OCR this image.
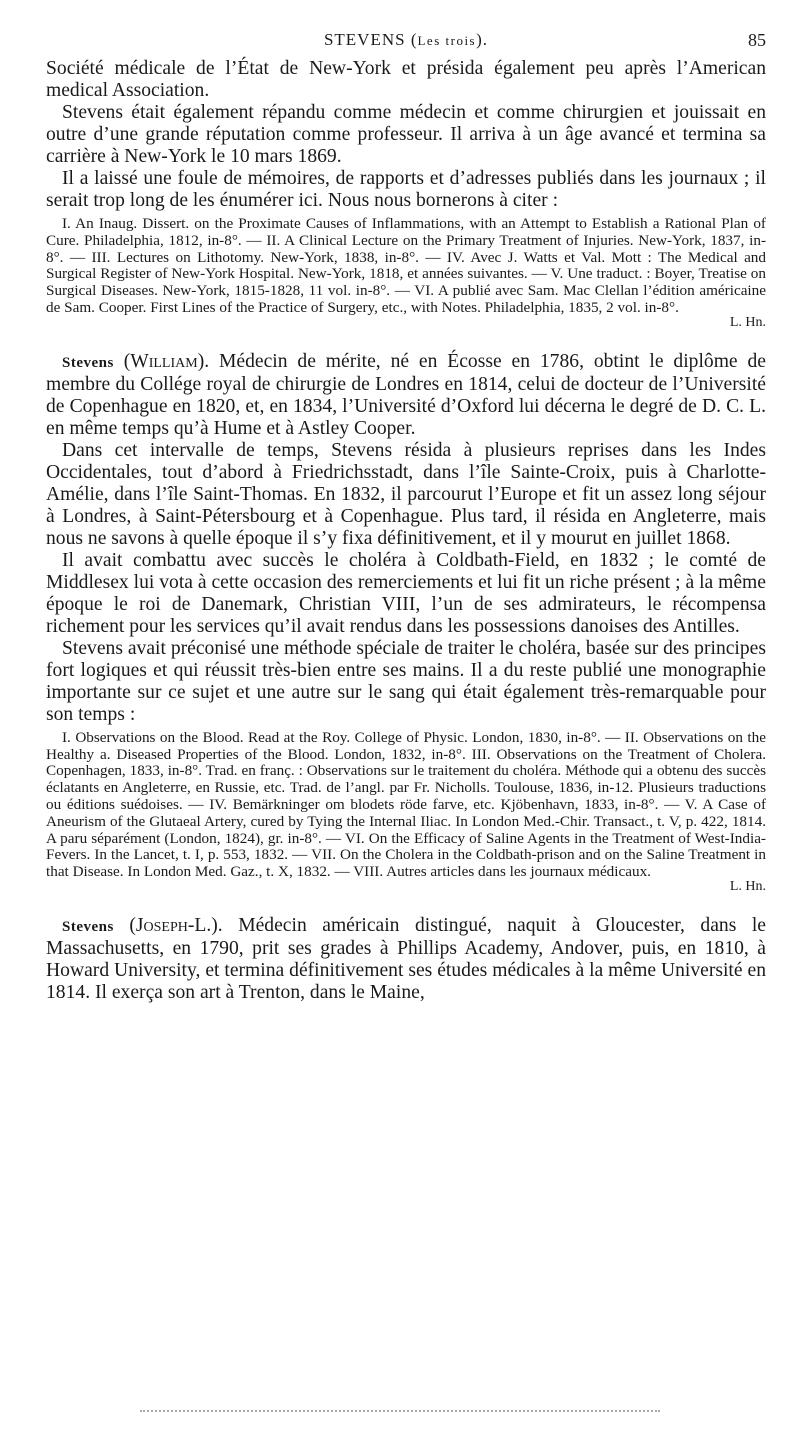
STEVENS (Les trois).	85

Société médicale de l’État de New-York et présida également peu après l’American medical Association.

Stevens était également répandu comme médecin et comme chirurgien et jouissait en outre d’une grande réputation comme professeur. Il arriva à un âge avancé et termina sa carrière à New-York le 10 mars 1869.

Il a laissé une foule de mémoires, de rapports et d’adresses publiés dans les journaux ; il serait trop long de les énumérer ici. Nous nous bornerons à citer :

I. An Inaug. Dissert. on the Proximate Causes of Inflammations, with an Attempt to Establish a Rational Plan of Cure. Philadelphia, 1812, in-8°. — II. A Clinical Lecture on the Primary Treatment of Injuries. New-York, 1837, in-8°. — III. Lectures on Lithotomy. New-York, 1838, in-8°. — IV. Avec J. Watts et Val. Mott : The Medical and Surgical Register of New-York Hospital. New-York, 1818, et années suivantes. — V. Une traduct. : Boyer, Treatise on Surgical Diseases. New-York, 1815-1828, 11 vol. in-8°. — VI. A publié avec Sam. Mac Clellan l’édition américaine de Sam. Cooper. First Lines of the Practice of Surgery, etc., with Notes. Philadelphia, 1835, 2 vol. in-8°.

L. Hn.

Stevens (William). Médecin de mérite, né en Écosse en 1786, obtint le diplôme de membre du Collége royal de chirurgie de Londres en 1814, celui de docteur de l’Université de Copenhague en 1820, et, en 1834, l’Université d’Oxford lui décerna le degré de D. C. L. en même temps qu’à Hume et à Astley Cooper.

Dans cet intervalle de temps, Stevens résida à plusieurs reprises dans les Indes Occidentales, tout d’abord à Friedrichsstadt, dans l’île Sainte-Croix, puis à Charlotte-Amélie, dans l’île Saint-Thomas. En 1832, il parcourut l’Europe et fit un assez long séjour à Londres, à Saint-Pétersbourg et à Copenhague. Plus tard, il résida en Angleterre, mais nous ne savons à quelle époque il s’y fixa définitivement, et il y mourut en juillet 1868.

Il avait combattu avec succès le choléra à Coldbath-Field, en 1832 ; le comté de Middlesex lui vota à cette occasion des remerciements et lui fit un riche présent ; à la même époque le roi de Danemark, Christian VIII, l’un de ses admirateurs, le récompensa richement pour les services qu’il avait rendus dans les possessions danoises des Antilles.

Stevens avait préconisé une méthode spéciale de traiter le choléra, basée sur des principes fort logiques et qui réussit très-bien entre ses mains. Il a du reste publié une monographie importante sur ce sujet et une autre sur le sang qui était également très-remarquable pour son temps :

I. Observations on the Blood. Read at the Roy. College of Physic. London, 1830, in-8°. — II. Observations on the Healthy a. Diseased Properties of the Blood. London, 1832, in-8°. III. Observations on the Treatment of Cholera. Copenhagen, 1833, in-8°. Trad. en franç. : Observations sur le traitement du choléra. Méthode qui a obtenu des succès éclatants en Angleterre, en Russie, etc. Trad. de l’angl. par Fr. Nicholls. Toulouse, 1836, in-12. Plusieurs traductions ou éditions suédoises. — IV. Bemärkninger om blodets röde farve, etc. Kjöbenhavn, 1833, in-8°. — V. A Case of Aneurism of the Glutaeal Artery, cured by Tying the Internal Iliac. In London Med.-Chir. Transact., t. V, p. 422, 1814. A paru séparément (London, 1824), gr. in-8°. — VI. On the Efficacy of Saline Agents in the Treatment of West-India-Fevers. In the Lancet, t. I, p. 553, 1832. — VII. On the Cholera in the Coldbath-prison and on the Saline Treatment in that Disease. In London Med. Gaz., t. X, 1832. — VIII. Autres articles dans les journaux médicaux.

L. Hn.

Stevens (Joseph-L.). Médecin américain distingué, naquit à Gloucester, dans le Massachusetts, en 1790, prit ses grades à Phillips Academy, Andover, puis, en 1810, à Howard University, et termina définitivement ses études médicales à la même Université en 1814. Il exerça son art à Trenton, dans le Maine,
